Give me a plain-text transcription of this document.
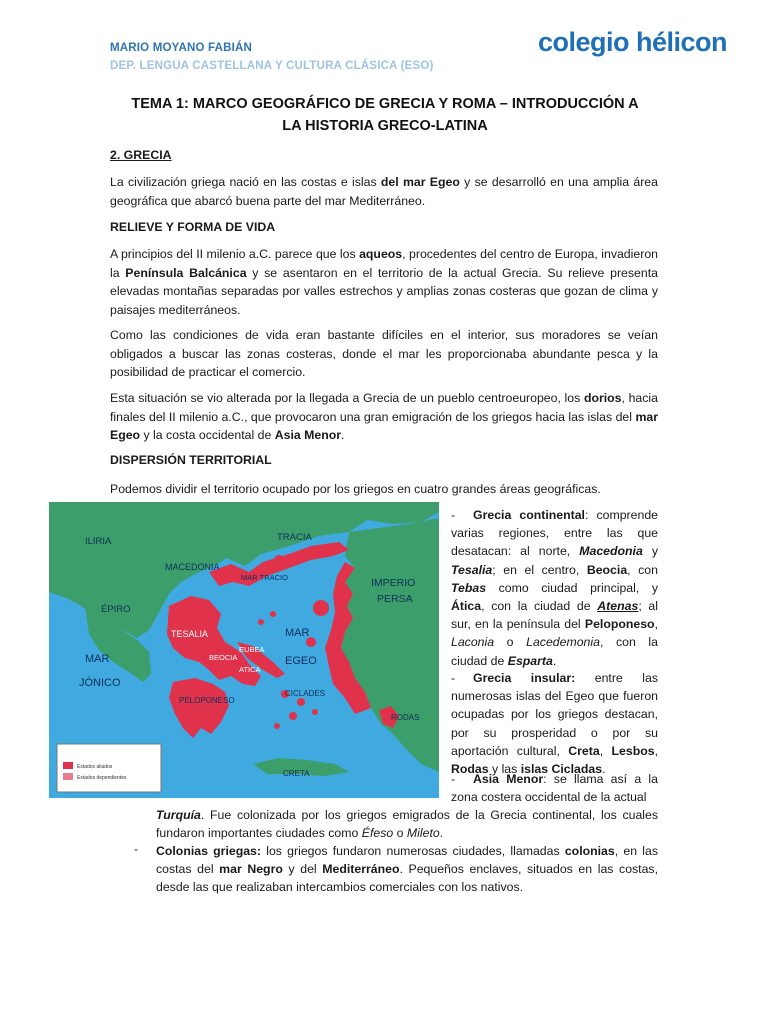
MARIO MOYANO FABIÁN
DEP. LENGUA CASTELLANA Y CULTURA CLÁSICA (ESO)
colegio hélicon
TEMA 1: MARCO GEOGRÁFICO DE GRECIA Y ROMA – INTRODUCCIÓN A
LA HISTORIA GRECO-LATINA
2. GRECIA
La civilización griega nació en las costas e islas del mar Egeo y se desarrolló en una amplia área geográfica que abarcó buena parte del mar Mediterráneo.
RELIEVE Y FORMA DE VIDA
A principios del II milenio a.C. parece que los aqueos, procedentes del centro de Europa, invadieron la Península Balcánica y se asentaron en el territorio de la actual Grecia. Su relieve presenta elevadas montañas separadas por valles estrechos y amplias zonas costeras que gozan de clima y paisajes mediterráneos.
Como las condiciones de vida eran bastante difíciles en el interior, sus moradores se veían obligados a buscar las zonas costeras, donde el mar les proporcionaba abundante pesca y la posibilidad de practicar el comercio.
Esta situación se vio alterada por la llegada a Grecia de un pueblo centroeuropeo, los dorios, hacia finales del II milenio a.C., que provocaron una gran emigración de los griegos hacia las islas del mar Egeo y la costa occidental de Asia Menor.
DISPERSIÓN TERRITORIAL
Podemos dividir el territorio ocupado por los griegos en cuatro grandes áreas geográficas.
Estados aliados
Estados dependientes
ILIRIA	TRACIA
MACEDONIA
MAR TRACIO	IMPERIO
PERSA
ÉPIRO
TESALIA	MAR
EGEO
BEOCIA
EUBEA
ATICA
MAR
JÓNICO
CICLADES
PELOPONESO
RODAS
CRETA
- Grecia continental: comprende varias regiones, entre las que desatacan: al norte, Macedonia y Tesalia; en el centro, Beocia, con Tebas como ciudad principal, y Ática, con la ciudad de Atenas; al sur, en la península del Peloponeso, Laconia o Lacedemonia, con la ciudad de Esparta.
- Grecia insular: entre las numerosas islas del Egeo que fueron ocupadas por los griegos destacan, por su prosperidad o por su aportación cultural, Creta, Lesbos, Rodas y las islas Cicladas.
- Asia Menor: se llama así a la zona costera occidental de la actual
Turquía. Fue colonizada por los griegos emigrados de la Grecia continental, los cuales fundaron importantes ciudades como Éfeso o Mileto.
- Colonias griegas: los griegos fundaron numerosas ciudades, llamadas colonias, en las costas del mar Negro y del Mediterráneo. Pequeños enclaves, situados en las costas, desde las que realizaban intercambios comerciales con los nativos.
